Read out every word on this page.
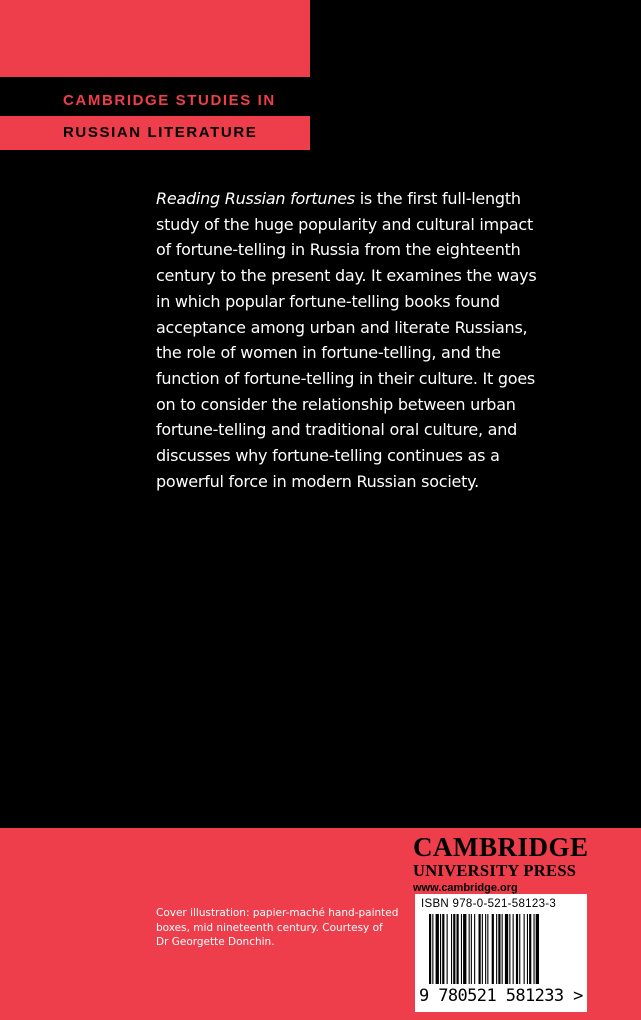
CAMBRIDGE STUDIES IN
RUSSIAN LITERATURE
Reading Russian fortunes is the first full-length
study of the huge popularity and cultural impact
of fortune-telling in Russia from the eighteenth
century to the present day. It examines the ways
in which popular fortune-telling books found
acceptance among urban and literate Russians,
the role of women in fortune-telling, and the
function of fortune-telling in their culture. It goes
on to consider the relationship between urban
fortune-telling and traditional oral culture, and
discusses why fortune-telling continues as a
powerful force in modern Russian society.
CAMBRIDGE
UNIVERSITY PRESS
www.cambridge.org
Cover illustration: papier-maché hand-painted
boxes, mid nineteenth century. Courtesy of
Dr Georgette Donchin.
ISBN 978-0-521-58123-3
9 780521 581233 >
